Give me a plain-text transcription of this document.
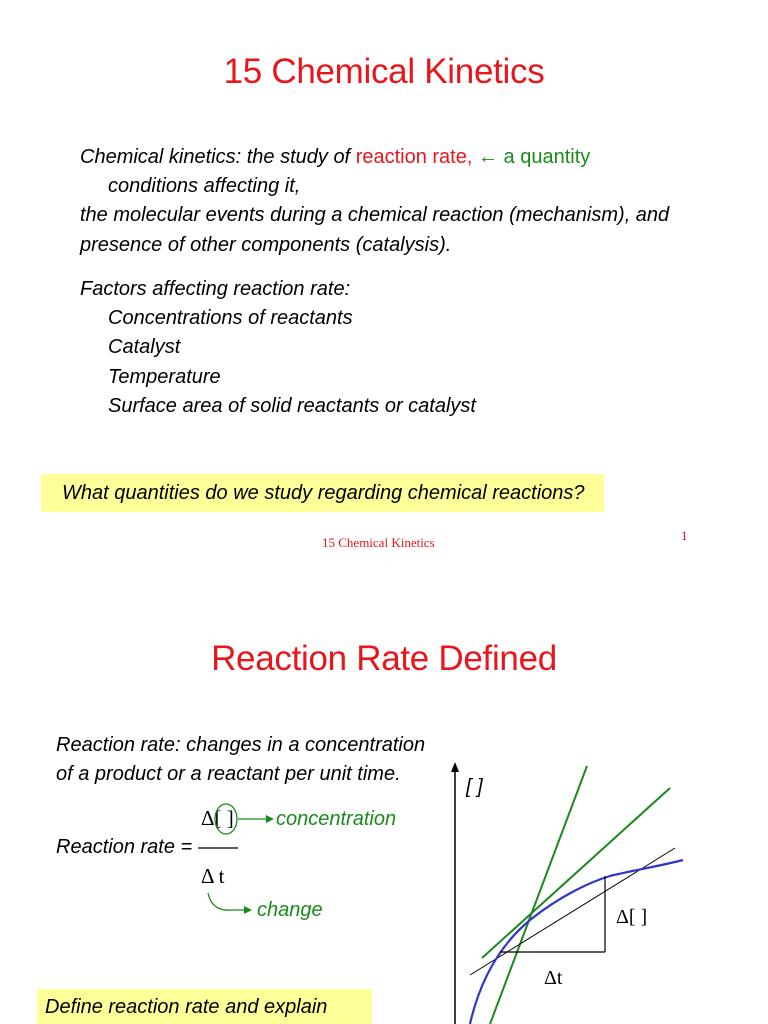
15 Chemical Kinetics
Chemical kinetics: the study of reaction rate, ← a quantity
conditions affecting it,
the molecular events during a chemical reaction (mechanism), and
presence of other components (catalysis).
Factors affecting reaction rate:
Concentrations of reactants
Catalyst
Temperature
Surface area of solid reactants or catalyst
What quantities do we study regarding chemical reactions?
15 Chemical Kinetics	1
Reaction Rate Defined
Reaction rate: changes in a concentration
of a product or a reactant per unit time.
Reaction rate =
Δ[ ]
Δ t
concentration
change
Define reaction rate and explain
[ ]
Δ[ ]
Δt
